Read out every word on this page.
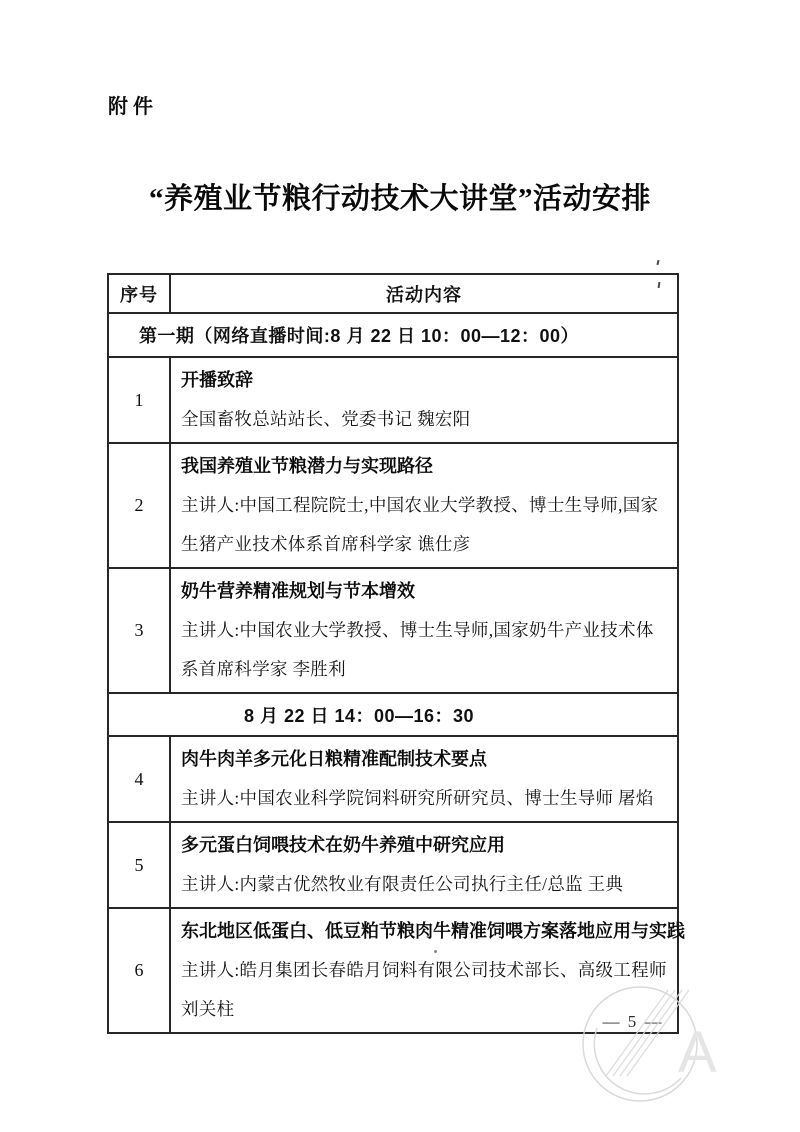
附件
“养殖业节粮行动技术大讲堂”活动安排
序号	活动内容
第一期（网络直播时间:8 月 22 日 10：00—12：00）	
1	开播致辞
全国畜牧总站站长、党委书记 魏宏阳

2	我国养殖业节粮潜力与实现路径
主讲人:中国工程院院士,中国农业大学教授、博士生导师,国家生猪产业技术体系首席科学家 谯仕彦

3	奶牛营养精准规划与节本增效
主讲人:中国农业大学教授、博士生导师,国家奶牛产业技术体系首席科学家 李胜利

8 月 22 日 14：00—16：30	
4	肉牛肉羊多元化日粮精准配制技术要点
主讲人:中国农业科学院饲料研究所研究员、博士生导师 屠焰

5	多元蛋白饲喂技术在奶牛养殖中研究应用
主讲人:内蒙古优然牧业有限责任公司执行主任/总监 王典

6	东北地区低蛋白、低豆粕节粮肉牛精准饲喂方案落地应用与实践
主讲人:皓月集团长春皓月饲料有限公司技术部长、高级工程师 刘关柱
— 5 — A
